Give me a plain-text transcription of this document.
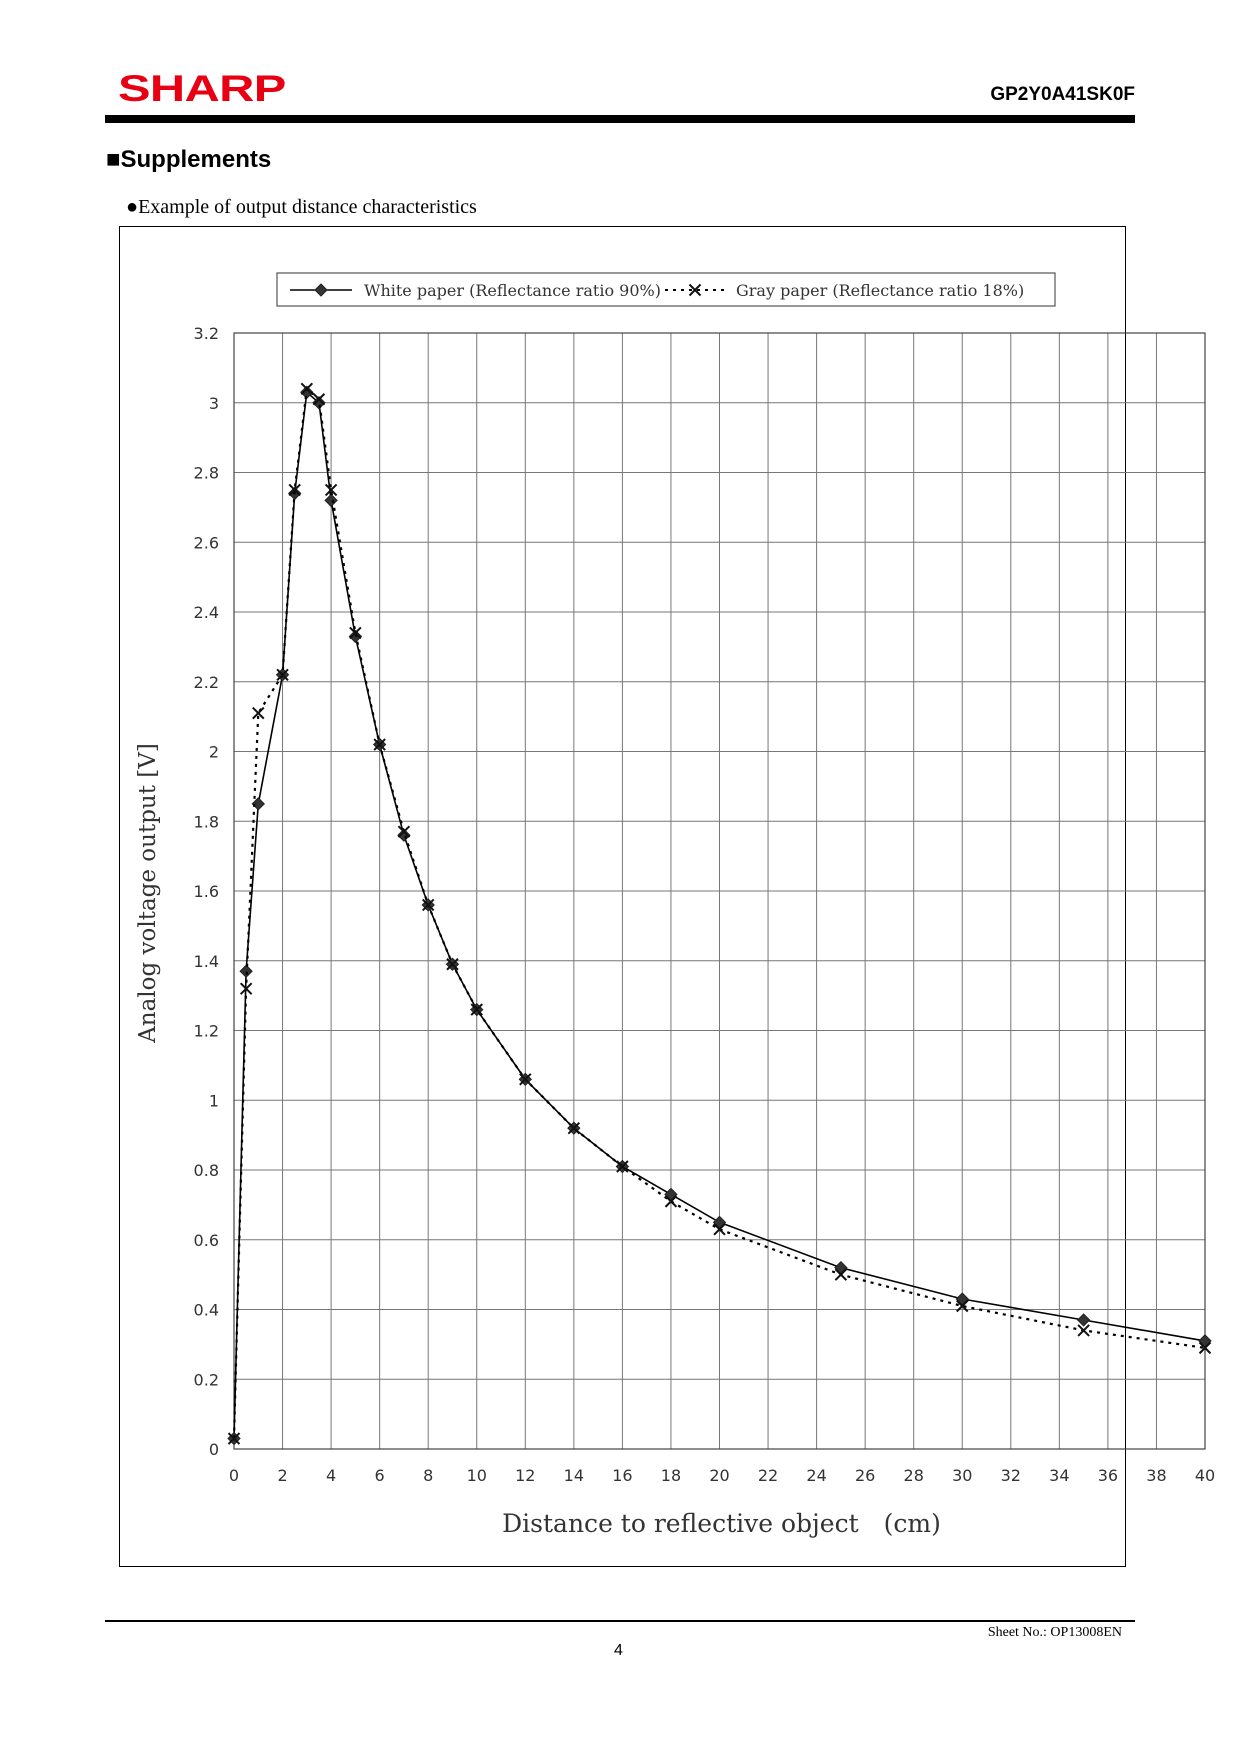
SHARP	GP2Y0A41SK0F
■Supplements
●Example of output distance characteristics
0 2 4 6 8 10 12 14 16 18 20 22 24 26 28 30 32 34 36 38 40
0
0.2
0.4
0.6
0.8
1
1.2
1.4
1.6
1.8
2
2.2
2.4
2.6
2.8
3
3.2
Distance to reflective object　(cm)
Analog voltage output [V]
White paper (Reflectance ratio 90%)	Gray paper (Reflectance ratio 18%)
Sheet No.: OP13008EN
4
